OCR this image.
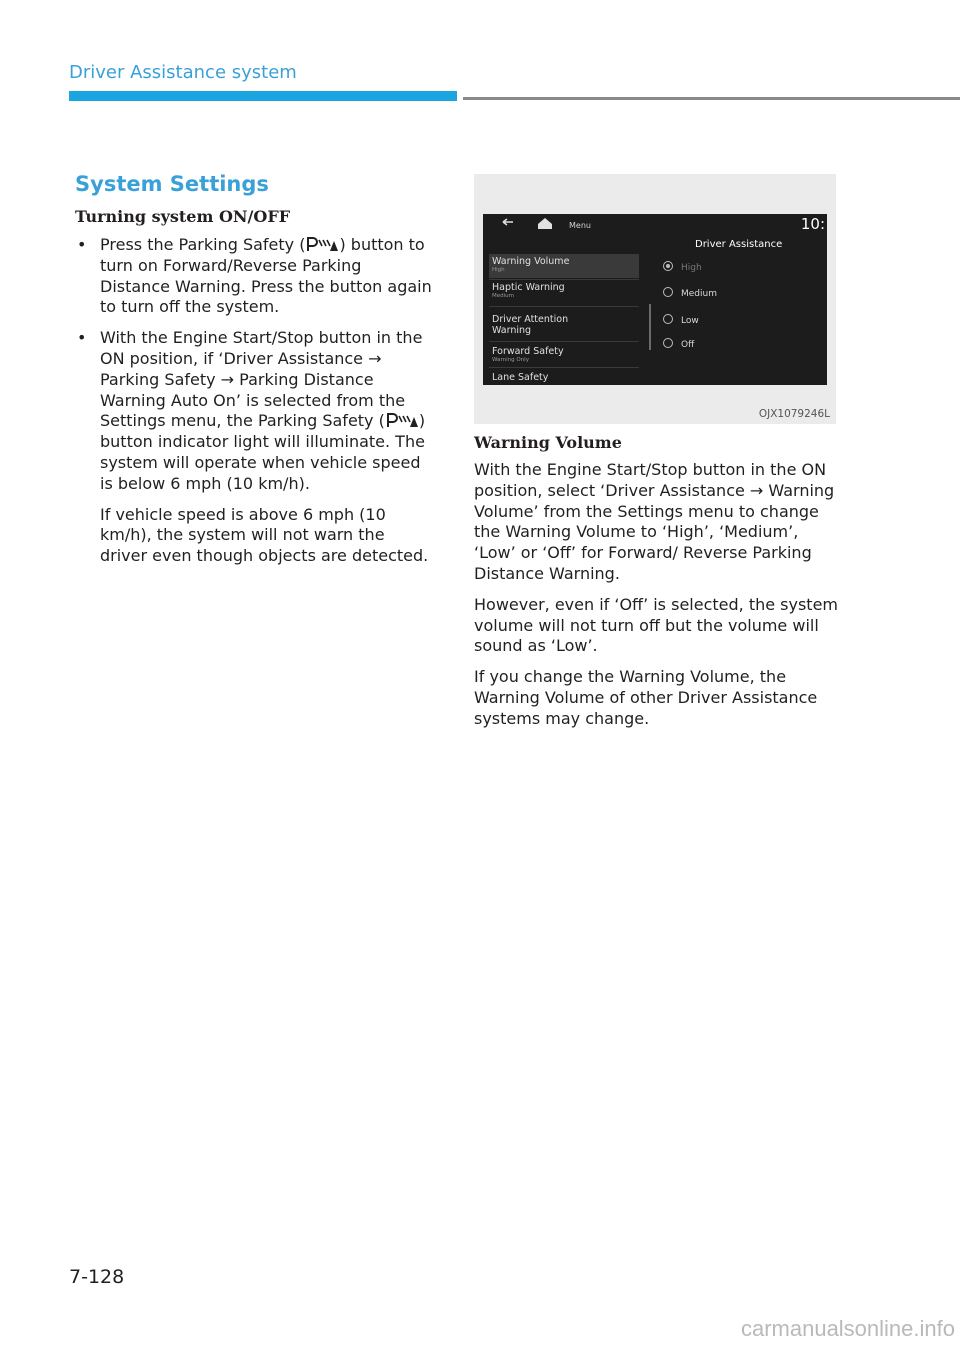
Driver Assistance system
System Settings
Turning system ON/OFF
• Press the Parking Safety ( ) button to turn on Forward/Reverse Parking Distance Warning. Press the button again to turn off the system.

• With the Engine Start/Stop button in the ON position, if ‘Driver Assistance → Parking Safety → Parking Distance Warning Auto On’ is selected from the Settings menu, the Parking Safety ( ) button indicator light will illuminate. The system will operate when vehicle speed is below 6 mph (10 km/h).

If vehicle speed is above 6 mph (10 km/h), the system will not warn the driver even though objects are detected.

Menu	10:
Driver Assistance
Warning Volume
High
Haptic Warning
Medium
Driver Attention
Warning
Forward Safety
Warning Only
Lane Safety
High
Medium
Low
Off
OJX1079246L
Warning Volume

With the Engine Start/Stop button in the ON position, select ‘Driver Assistance → Warning Volume’ from the Settings menu to change the Warning Volume to ‘High’, ‘Medium’, ‘Low’ or ‘Off’ for Forward/ Reverse Parking Distance Warning.

However, even if ‘Off’ is selected, the system volume will not turn off but the volume will sound as ‘Low’.

If you change the Warning Volume, the Warning Volume of other Driver Assistance systems may change.

7-128
carmanualsonline.info
